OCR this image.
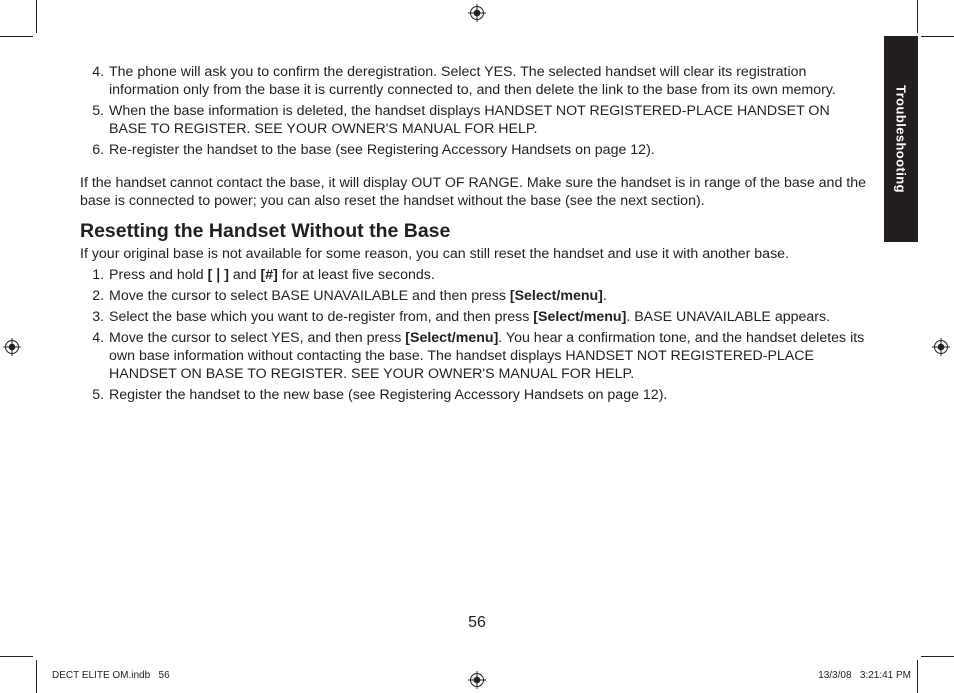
Troubleshooting
4. The phone will ask you to confirm the deregistration. Select YES. The selected handset will clear its registration information only from the base it is currently connected to, and then delete the link to the base from its own memory.
5. When the base information is deleted, the handset displays HANDSET NOT REGISTERED-PLACE HANDSET ON BASE TO REGISTER. SEE YOUR OWNER'S MANUAL FOR HELP.
6. Re-register the handset to the base (see Registering Accessory Handsets on page 12).

If the handset cannot contact the base, it will display OUT OF RANGE. Make sure the handset is in range of the base and the base is connected to power; you can also reset the handset without the base (see the next section).

Resetting the Handset Without the Base

If your original base is not available for some reason, you can still reset the handset and use it with another base.

1. Press and hold [❘] and [#] for at least five seconds.
2. Move the cursor to select BASE UNAVAILABLE and then press [Select/menu].
3. Select the base which you want to de-register from, and then press [Select/menu]. BASE UNAVAILABLE appears.
4. Move the cursor to select YES, and then press [Select/menu]. You hear a confirmation tone, and the handset deletes its own base information without contacting the base. The handset displays HANDSET NOT REGISTERED-PLACE HANDSET ON BASE TO REGISTER. SEE YOUR OWNER'S MANUAL FOR HELP.
5. Register the handset to the new base (see Registering Accessory Handsets on page 12).
56
DECT ELITE OM.indb   56	13/3/08   3:21:41 PM
